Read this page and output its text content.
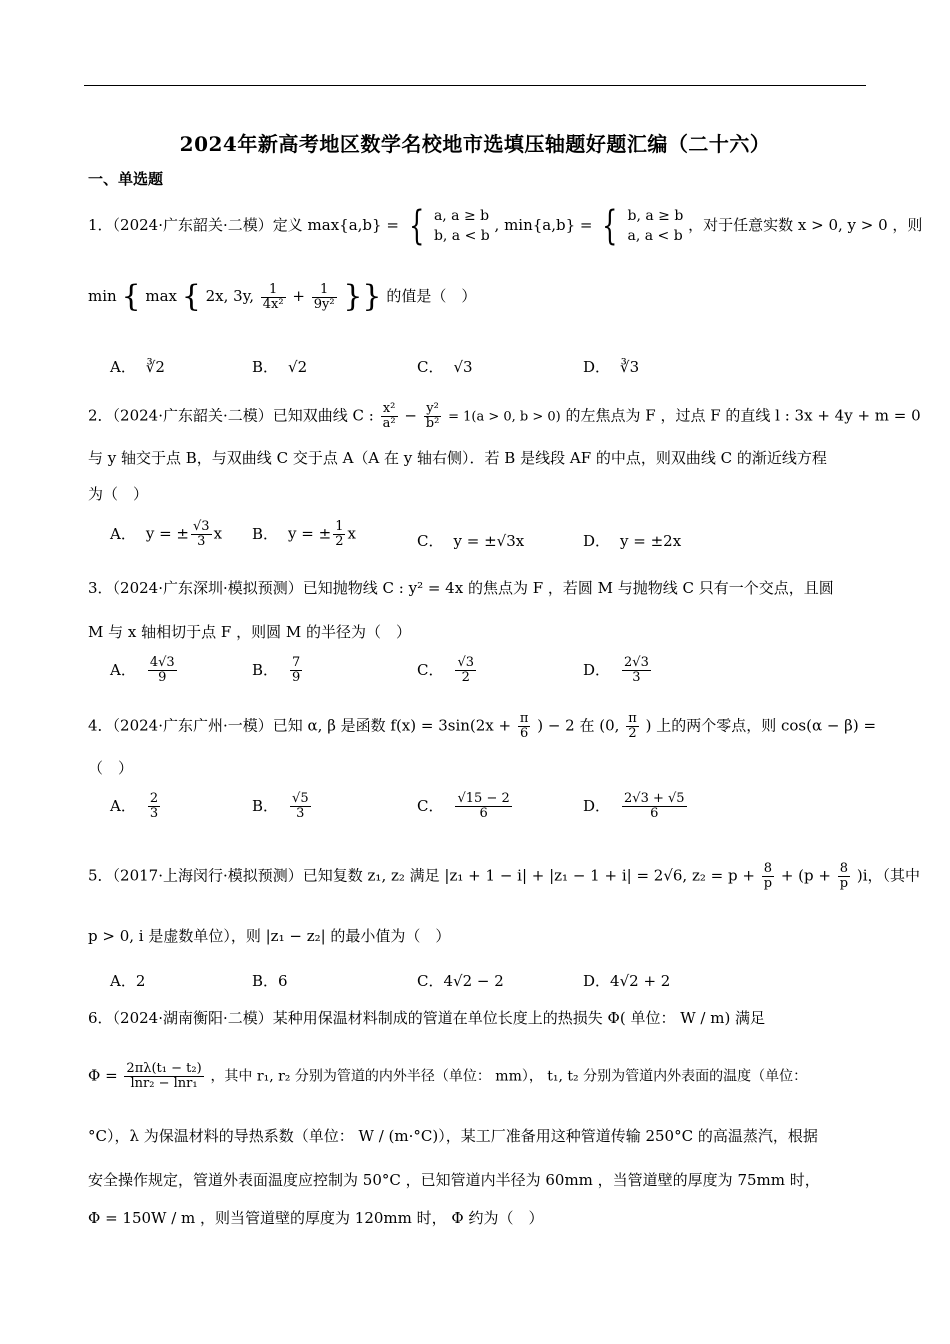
2024年新高考地区数学名校地市选填压轴题好题汇编（二十六）
一、单选题
1．（2024·广东韶关·二模）定义 max{a,b} = { a, a ≥ b
b, a < b
, min{a,b} = { b, a ≥ b
a, a < b
，对于任意实数 x > 0, y > 0 ，则
min { max { 2x, 3y, $\frac{1}{\text{4x²}} + \frac{1}{\text{9y²}}$ }} 的值是（　）
A． ∛2	B． √2	C． √3	D． ∛3
2．（2024·广东韶关·二模）已知双曲线 C : $\frac{\text{x²}}{\text{a²}} - \frac{\text{y²}}{\text{b²}} = 1(a > 0$, b > 0) 的左焦点为 F ，过点 F 的直线 l : 3x + 4y + m = 0
与 y 轴交于点 B，与双曲线 C 交于点 A（A 在 y 轴右侧）．若 B 是线段 AF 的中点，则双曲线 C 的渐近线方程
为（　）
A． y = ± $\frac{√3}{3}$ x B． y = ± $\frac{1}{2}$ x	C． y = ±√3x	D． y = ±2x
3．（2024·广东深圳·模拟预测）已知抛物线 C : y² = 4x 的焦点为 F ，若圆 M 与抛物线 C 只有一个交点，且圆
M 与 x 轴相切于点 F ，则圆 M 的半径为（　）
A． $\frac{4√3}{9}$	B． $\frac{7}{9}$	C． $\frac{√3}{2}$	D． $\frac{2√3}{3}$
4．（2024·广东广州·一模）已知 α, β 是函数 $f(x) = 3\sin(2x + \frac{\pi}{6}$ ) − 2 在 (0, $\frac{\pi}{2}$ ) 上的两个零点，则 cos(α − β) =
（　）
A． $\frac{2}{3}$	B． $\frac{√5}{3}$	C． $\frac{√15 - 2}{6}$	D． $\frac{2√3 + √5}{6}$
5．（2017·上海闵行·模拟预测）已知复数 z₁, z₂ 满足 |z₁ + 1 − i| + |z₁ − 1 + i| = 2√6, $z_2 = p + \frac{8}{p} + (p + \frac{8}{p} )i$，（其中
p > 0, i 是虚数单位），则 |z₁ − z₂| 的最小值为（　）
A．2	B．6	C．4√2 − 2	D．4√2 + 2
6．（2024·湖南衡阳·二模）某种用保温材料制成的管道在单位长度上的热损失 Φ( 单位： W / m) 满足
$\Phi = \frac{\text{2πλ(t₁ − t₂)}}{\text{lnr₂ − lnr₁}}$ ，其中 r₁, r₂ 分别为管道的内外半径（单位： mm）， t₁, t₂ 分别为管道内外表面的温度（单位：
°C），λ 为保温材料的导热系数（单位： W / (m·°C)），某工厂准备用这种管道传输 250°C 的高温蒸汽，根据
安全操作规定，管道外表面温度应控制为 50°C ，已知管道内半径为 60mm ，当管道壁的厚度为 75mm 时，
Φ = 150W / m ，则当管道壁的厚度为 120mm 时， Φ 约为（　）
